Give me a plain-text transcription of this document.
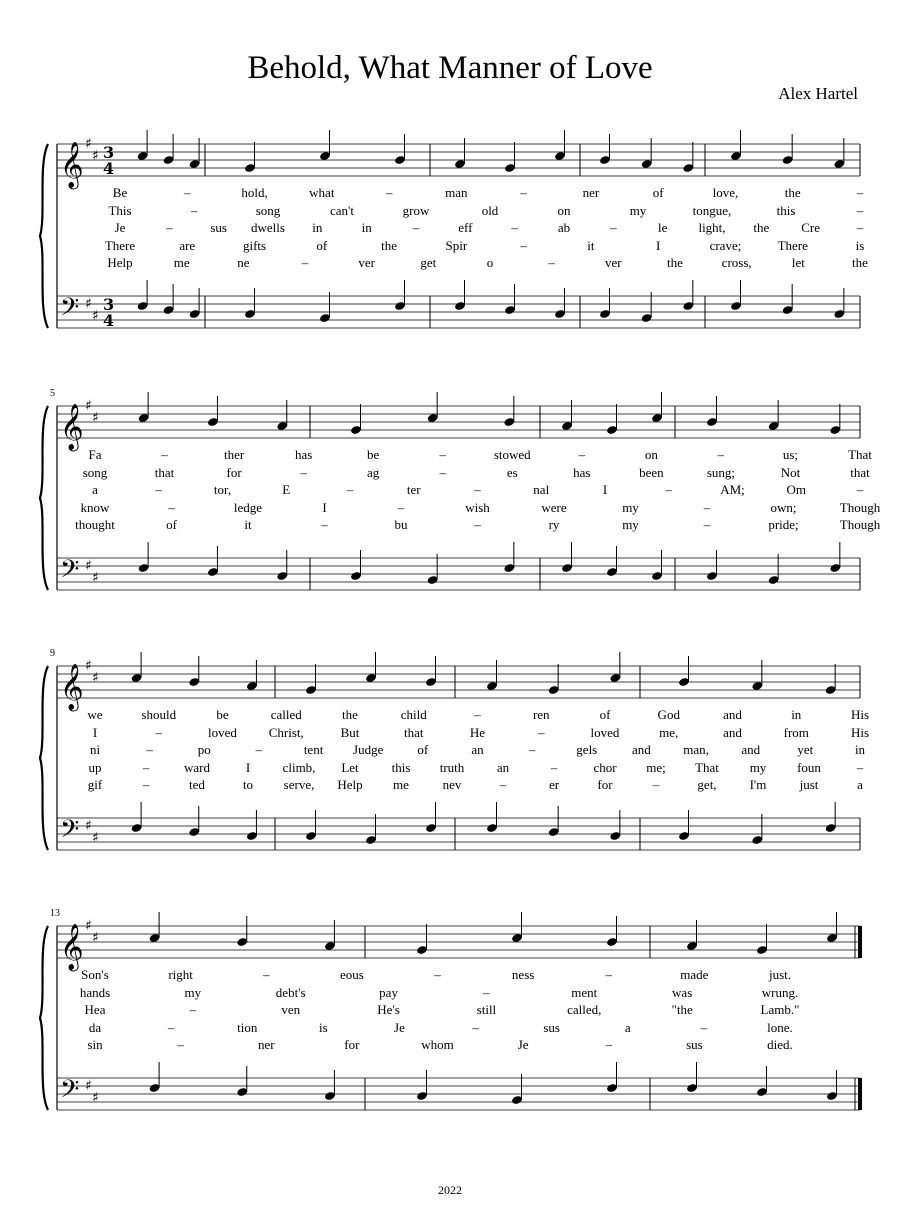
Behold, What Manner of Love
Alex Hartel
𝄞 ♯
♯ 3
4
𝄢 ♯
♯
3
4
𝄞 ♯
♯
𝄢 ♯
♯
𝄞 ♯
♯
𝄢 ♯
♯
𝄞 ♯
♯
𝄢 ♯
♯
Be	–	hold,	what	–	man	–	ner	of	love,	the	–
This	–	song	can't	grow	old	on	my	tongue,	this	–
Je	–	sus dwells in	in	–	eff	–	ab	–	le light, the Cre	–
There	are	gifts	of	the	Spir	–	it	I	crave;	There	is
Help	me	ne	–	ver	get	o	–	ver	the	cross,	let	the
Fa	–	ther	has	be	–	stowed	–	on	–	us;	That
song	that	for	–	ag	–	es	has	been	sung;	Not	that
a	–	tor,	E	–	ter	–	nal	I	–	AM;	Om	–
know	–	ledge	I	–	wish	were	my	–	own;	Though
thought	of	it	–	bu	–	ry	my	–	pride;	Though
we	should	be	called	the	child	–	ren	of	God	and	in	His
I	–	loved Christ,	But	that	He	–	loved	me,	and	from	His
ni	–	po	–	tent Judge	of	an	–	gels	and man, and	yet	in
up	–	ward	I climb, Let	this truth	an	–	chor me; That my foun	–
gif	–	ted	to serve, Help me	nev	–	er	for	–	get,	I'm	just	a
Son's	right	–	eous	–	ness	–	made	just.
hands	my	debt's	pay	–	ment	was	wrung.
Hea	–	ven	He's	still	called,	"the	Lamb."
da	–	tion	is	Je	–	sus	a	–	lone.
sin	–	ner	for	whom	Je	–	sus	died.
5
9
13
2022
